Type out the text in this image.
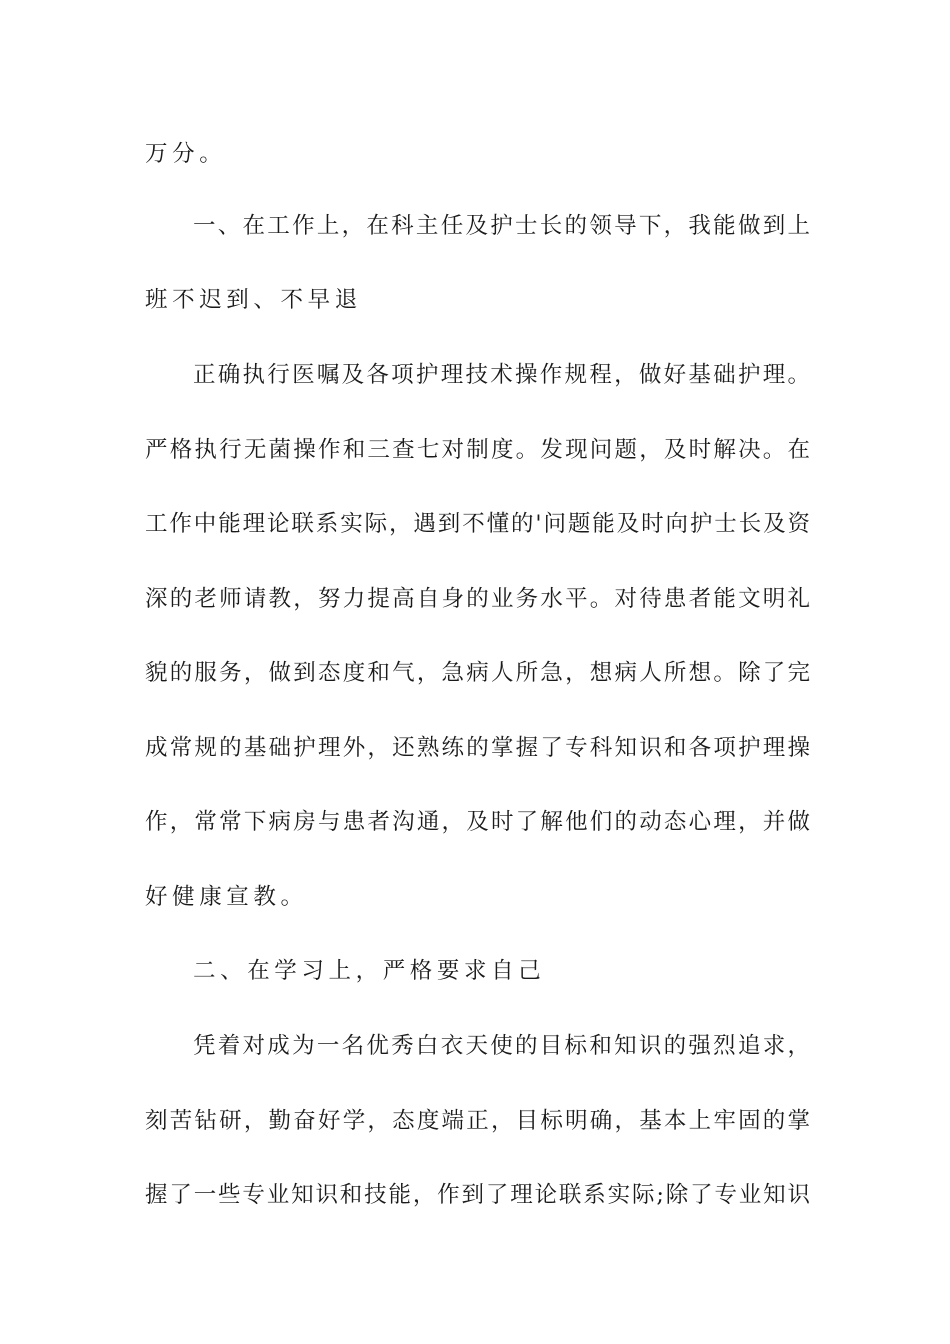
万分。
一、在工作上，在科主任及护士长的领导下，我能做到上
班不迟到、不早退
正确执行医嘱及各项护理技术操作规程，做好基础护理。
严格执行无菌操作和三查七对制度。发现问题，及时解决。在
工作中能理论联系实际，遇到不懂的'问题能及时向护士长及资
深的老师请教，努力提高自身的业务水平。对待患者能文明礼
貌的服务，做到态度和气，急病人所急，想病人所想。除了完
成常规的基础护理外，还熟练的掌握了专科知识和各项护理操
作，常常下病房与患者沟通，及时了解他们的动态心理，并做
好健康宣教。
二、在学习上，严格要求自己
凭着对成为一名优秀白衣天使的目标和知识的强烈追求，
刻苦钻研，勤奋好学，态度端正，目标明确，基本上牢固的掌
握了一些专业知识和技能，作到了理论联系实际;除了专业知识
